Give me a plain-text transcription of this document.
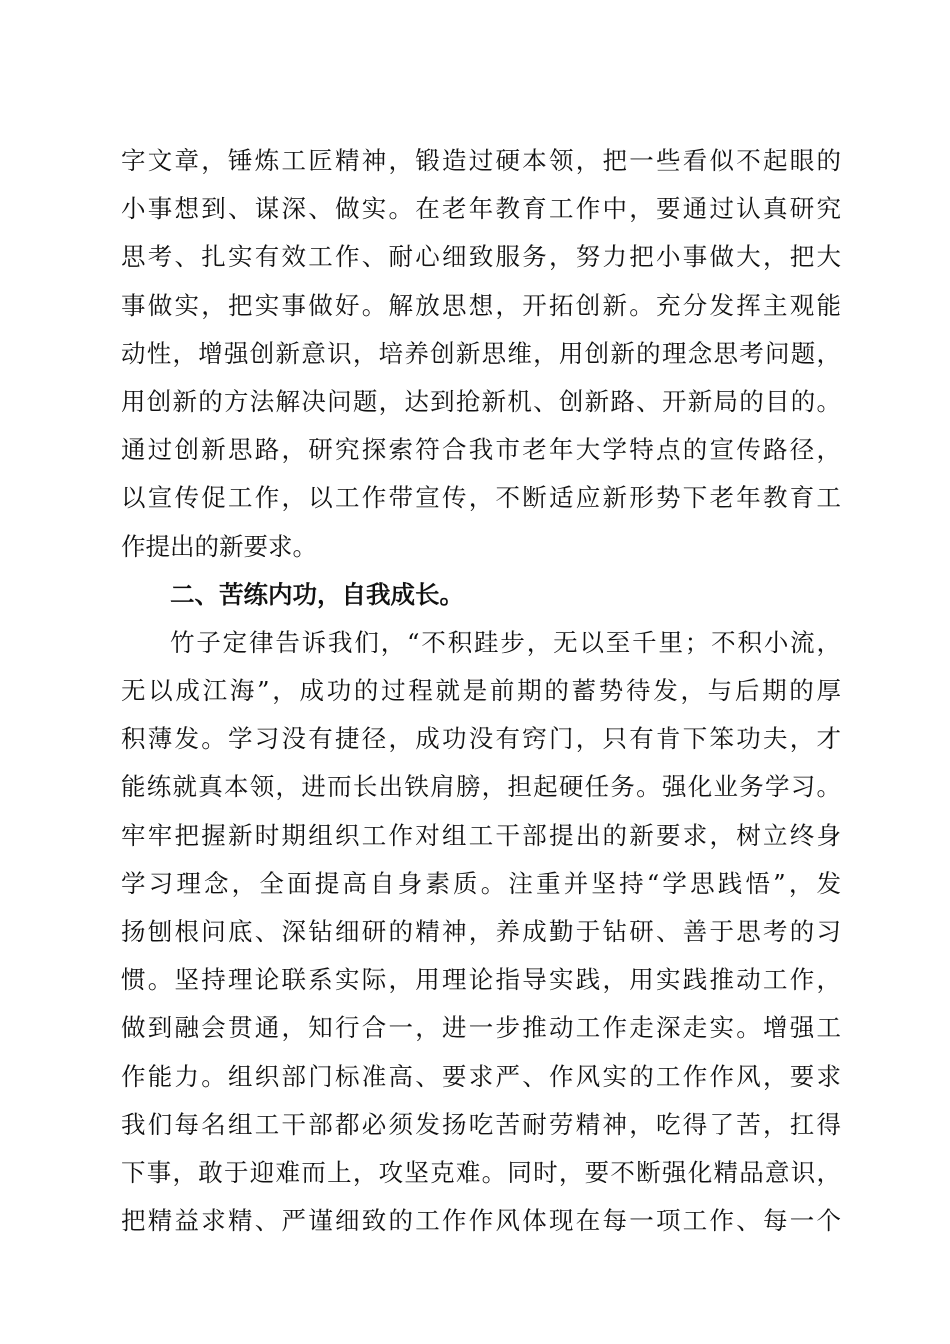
字文章，锤炼工匠精神，锻造过硬本领，把一些看似不起眼的
小事想到、谋深、做实。在老年教育工作中，要通过认真研究
思考、扎实有效工作、耐心细致服务，努力把小事做大，把大
事做实，把实事做好。解放思想，开拓创新。充分发挥主观能
动性，增强创新意识，培养创新思维，用创新的理念思考问题，
用创新的方法解决问题，达到抢新机、创新路、开新局的目的。
通过创新思路，研究探索符合我市老年大学特点的宣传路径，
以宣传促工作，以工作带宣传，不断适应新形势下老年教育工
作提出的新要求。
二、苦练内功，自我成长。
竹子定律告诉我们，“不积跬步，无以至千里；不积小流，
无以成江海”，成功的过程就是前期的蓄势待发，与后期的厚
积薄发。学习没有捷径，成功没有窍门，只有肯下笨功夫，才
能练就真本领，进而长出铁肩膀，担起硬任务。强化业务学习。
牢牢把握新时期组织工作对组工干部提出的新要求，树立终身
学习理念，全面提高自身素质。注重并坚持“学思践悟”，发
扬刨根问底、深钻细研的精神，养成勤于钻研、善于思考的习
惯。坚持理论联系实际，用理论指导实践，用实践推动工作，
做到融会贯通，知行合一，进一步推动工作走深走实。增强工
作能力。组织部门标准高、要求严、作风实的工作作风，要求
我们每名组工干部都必须发扬吃苦耐劳精神，吃得了苦，扛得
下事，敢于迎难而上，攻坚克难。同时，要不断强化精品意识，
把精益求精、严谨细致的工作作风体现在每一项工作、每一个
